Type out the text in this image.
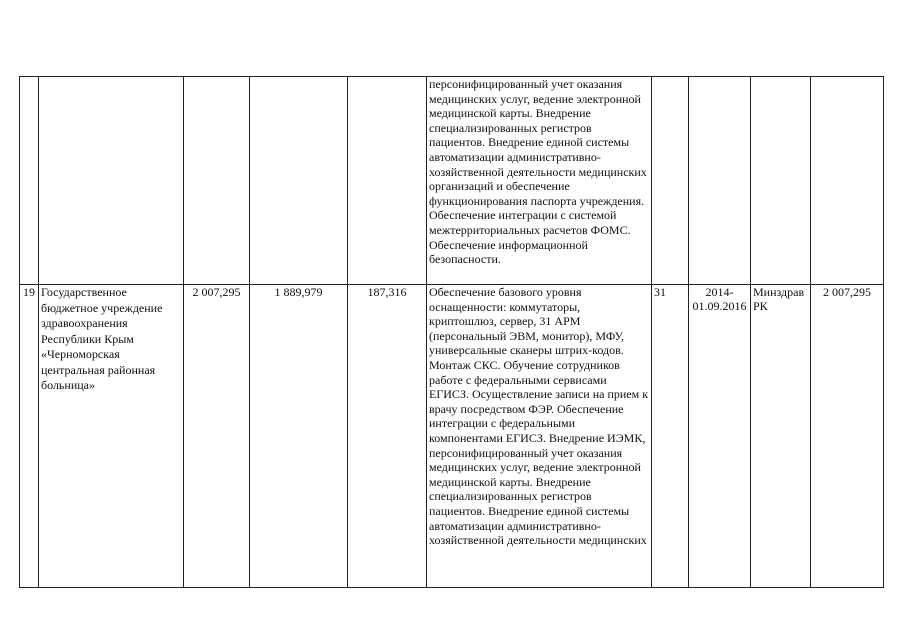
					персонифицированный учет оказания медицинских услуг, ведение электронной медицинской карты. Внедрение специализированных регистров пациентов. Внедрение единой системы автоматизации административно-хозяйственной деятельности медицинских организаций и обеспечение функционирования паспорта учреждения. Обеспечение интеграции с системой межтерриториальных расчетов ФОМС. Обеспечение информационной безопасности.				
19	Государственное бюджетное учреждение здравоохранения Республики Крым «Черноморская центральная районная больница»	2 007,295	1 889,979	187,316	Обеспечение базового уровня оснащенности: коммутаторы, криптошлюз, сервер, 31 АРМ (персональный ЭВМ, монитор), МФУ, универсальные сканеры штрих-кодов. Монтаж СКС. Обучение сотрудников работе с федеральными сервисами ЕГИСЗ. Осуществление записи на прием к врачу посредством ФЭР. Обеспечение интеграции с федеральными компонентами ЕГИСЗ. Внедрение ИЭМК, персонифицированный учет оказания медицинских услуг, ведение электронной медицинской карты. Внедрение специализированных регистров пациентов. Внедрение единой системы автоматизации административно-хозяйственной деятельности медицинских	31	2014-01.09.2016	Минздрав РК	2 007,295
